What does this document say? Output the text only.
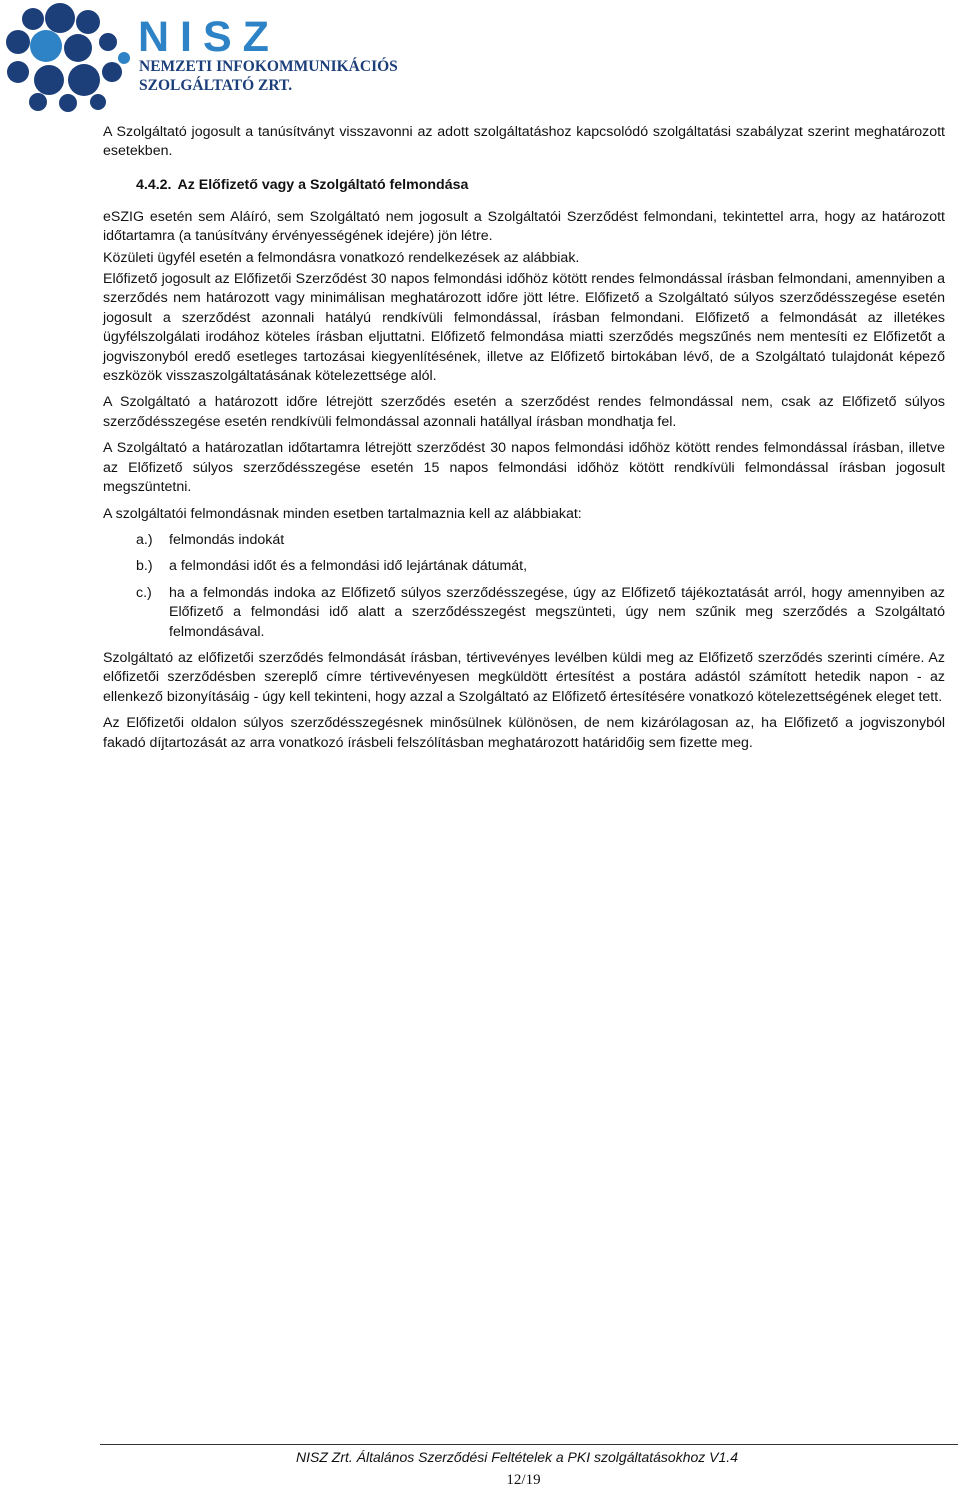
NISZ
NEMZETI INFOKOMMUNIKÁCIÓS
SZOLGÁLTATÓ ZRT.

A Szolgáltató jogosult a tanúsítványt visszavonni az adott szolgáltatáshoz kapcsolódó szolgáltatási szabályzat szerint meghatározott esetekben.

4.4.2. Az Előfizető vagy a Szolgáltató felmondása

eSZIG esetén sem Aláíró, sem Szolgáltató nem jogosult a Szolgáltatói Szerződést felmondani, tekintettel arra, hogy az határozott időtartamra (a tanúsítvány érvényességének idejére) jön létre.

Közületi ügyfél esetén a felmondásra vonatkozó rendelkezések az alábbiak.

Előfizető jogosult az Előfizetői Szerződést 30 napos felmondási időhöz kötött rendes felmondással írásban felmondani, amennyiben a szerződés nem határozott vagy minimálisan meghatározott időre jött létre. Előfizető a Szolgáltató súlyos szerződésszegése esetén jogosult a szerződést azonnali hatályú rendkívüli felmondással, írásban felmondani. Előfizető a felmondását az illetékes ügyfélszolgálati irodához köteles írásban eljuttatni. Előfizető felmondása miatti szerződés megszűnés nem mentesíti ez Előfizetőt a jogviszonyból eredő esetleges tartozásai kiegyenlítésének, illetve az Előfizető birtokában lévő, de a Szolgáltató tulajdonát képező eszközök visszaszolgáltatásának kötelezettsége alól.

A Szolgáltató a határozott időre létrejött szerződés esetén a szerződést rendes felmondással nem, csak az Előfizető súlyos szerződésszegése esetén rendkívüli felmondással azonnali hatállyal írásban mondhatja fel.

A Szolgáltató a határozatlan időtartamra létrejött szerződést 30 napos felmondási időhöz kötött rendes felmondással írásban, illetve az Előfizető súlyos szerződésszegése esetén 15 napos felmondási időhöz kötött rendkívüli felmondással írásban jogosult megszüntetni.

A szolgáltatói felmondásnak minden esetben tartalmaznia kell az alábbiakat:

a.)	felmondás indokát
b.)	a felmondási időt és a felmondási idő lejártának dátumát,
c.)	ha a felmondás indoka az Előfizető súlyos szerződésszegése, úgy az Előfizető tájékoztatását arról, hogy amennyiben az Előfizető a felmondási idő alatt a szerződésszegést megszünteti, úgy nem szűnik meg szerződés a Szolgáltató felmondásával.

Szolgáltató az előfizetői szerződés felmondását írásban, tértivevényes levélben küldi meg az Előfizető szerződés szerinti címére. Az előfizetői szerződésben szereplő címre tértivevényesen megküldött értesítést a postára adástól számított hetedik napon - az ellenkező bizonyításáig - úgy kell tekinteni, hogy azzal a Szolgáltató az Előfizető értesítésére vonatkozó kötelezettségének eleget tett.

Az Előfizetői oldalon súlyos szerződésszegésnek minősülnek különösen, de nem kizárólagosan az, ha Előfizető a jogviszonyból fakadó díjtartozását az arra vonatkozó írásbeli felszólításban meghatározott határidőig sem fizette meg.

NISZ Zrt. Általános Szerződési Feltételek a PKI szolgáltatásokhoz V1.4
12/19
